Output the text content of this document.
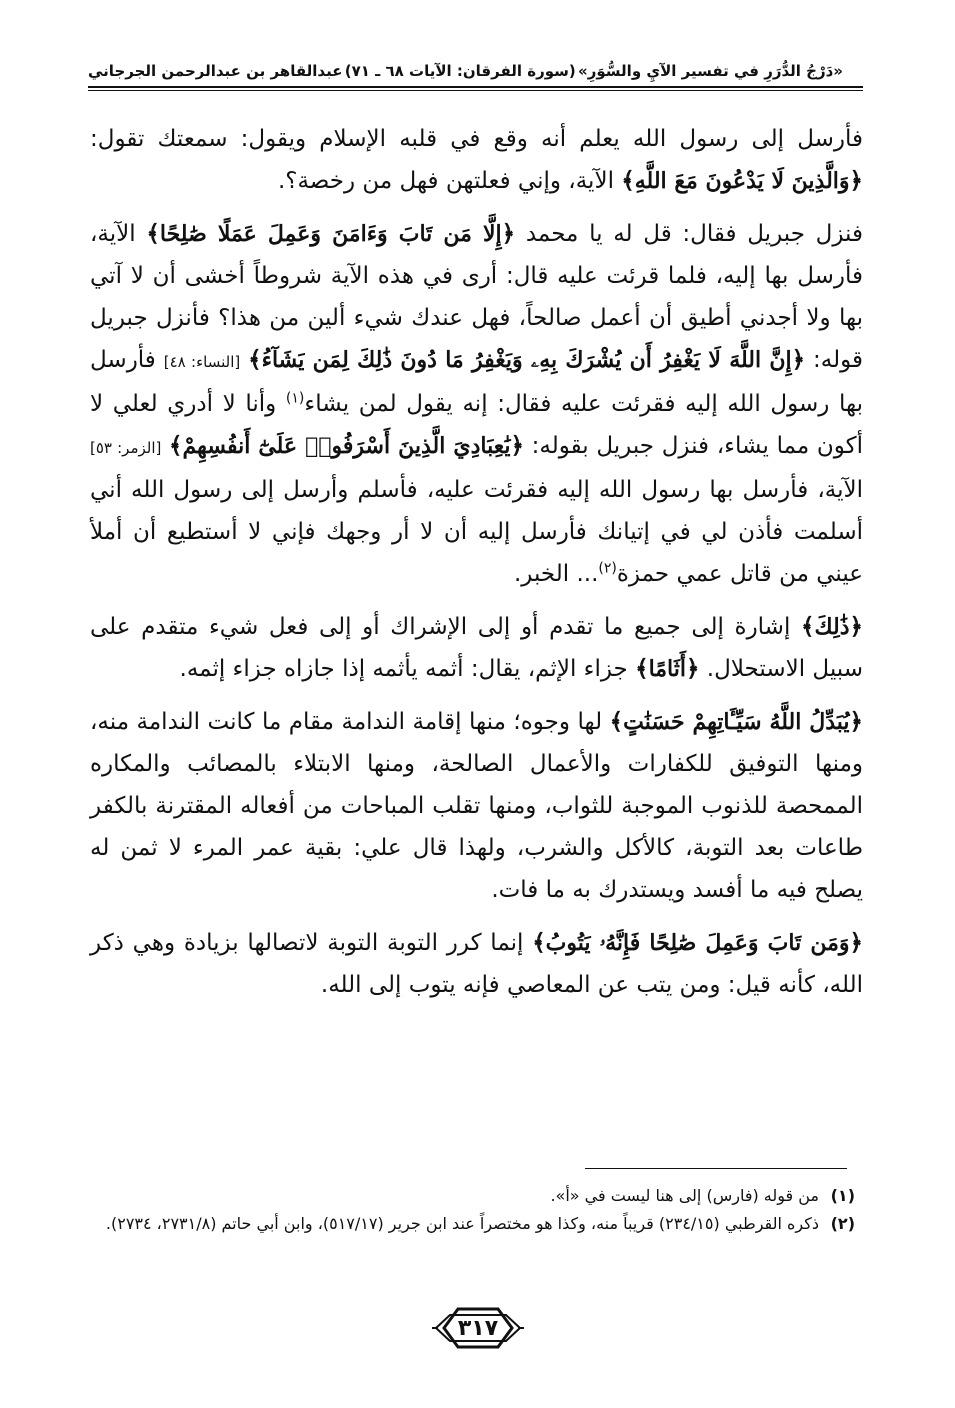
«دَرْجُ الدُّرَرِ في تفسير الآيِ والسُّوَرِ»
(سورة الفرقان: الآيات ٦٨ ـ ٧١)
عبدالقاهر بن عبدالرحمن الجرجاني

فأرسل إلى رسول الله يعلم أنه وقع في قلبه الإسلام ويقول: سمعتك تقول: ﴿وَالَّذِينَ لَا يَدْعُونَ مَعَ اللَّهِ﴾ الآية، وإني فعلتهن فهل من رخصة؟.

فنزل جبريل فقال: قل له يا محمد ﴿إِلَّا مَن تَابَ وَءَامَنَ وَعَمِلَ عَمَلًا صَٰلِحًا﴾ الآية، فأرسل بها إليه، فلما قرئت عليه قال: أرى في هذه الآية شروطاً أخشى أن لا آتي بها ولا أجدني أطيق أن أعمل صالحاً، فهل عندك شيء ألين من هذا؟ فأنزل جبريل قوله: ﴿إِنَّ اللَّهَ لَا يَغْفِرُ أَن يُشْرَكَ بِهِۦ وَيَغْفِرُ مَا دُونَ ذَٰلِكَ لِمَن يَشَآءُ﴾ [النساء: ٤٨] فأرسل بها رسول الله إليه فقرئت عليه فقال: إنه يقول لمن يشاء$^{(١)}$ وأنا لا أدري لعلي لا أكون مما يشاء، فنزل جبريل بقوله: ﴿يَٰعِبَادِيَ الَّذِينَ أَسْرَفُوا۟ عَلَىٰٓ أَنفُسِهِمْ﴾ [الزمر: ٥٣] الآية، فأرسل بها رسول الله إليه فقرئت عليه، فأسلم وأرسل إلى رسول الله أني أسلمت فأذن لي في إتيانك فأرسل إليه أن لا أر وجهك فإني لا أستطيع أن أملأ عيني من قاتل عمي حمزة$^{(٢)}$... الخبر.

﴿ذَٰلِكَ﴾ إشارة إلى جميع ما تقدم أو إلى الإشراك أو إلى فعل شيء متقدم على سبيل الاستحلال. ﴿أَثَامًا﴾ جزاء الإثم، يقال: أثمه يأثمه إذا جازاه جزاء إثمه.

﴿يُبَدِّلُ اللَّهُ سَيِّـَٔاتِهِمْ حَسَنَٰتٍ﴾ لها وجوه؛ منها إقامة الندامة مقام ما كانت الندامة منه، ومنها التوفيق للكفارات والأعمال الصالحة، ومنها الابتلاء بالمصائب والمكاره الممحصة للذنوب الموجبة للثواب، ومنها تقلب المباحات من أفعاله المقترنة بالكفر طاعات بعد التوبة، كالأكل والشرب، ولهذا قال علي: بقية عمر المرء لا ثمن له يصلح فيه ما أفسد ويستدرك به ما فات.

﴿وَمَن تَابَ وَعَمِلَ صَٰلِحًا فَإِنَّهُۥ يَتُوبُ﴾ إنما كرر التوبة التوبة لاتصالها بزيادة وهي ذكر الله، كأنه قيل: ومن يتب عن المعاصي فإنه يتوب إلى الله.

(١)
من قوله (فارس) إلى هنا ليست في «أ».
(٢)
ذكره القرطبي (٢٣٤/١٥) قريباً منه، وكذا هو مختصراً عند ابن جرير (٥١٧/١٧)، وابن أبي حاتم (٢٧٣١/٨، ٢٧٣٤).
٣١٧
